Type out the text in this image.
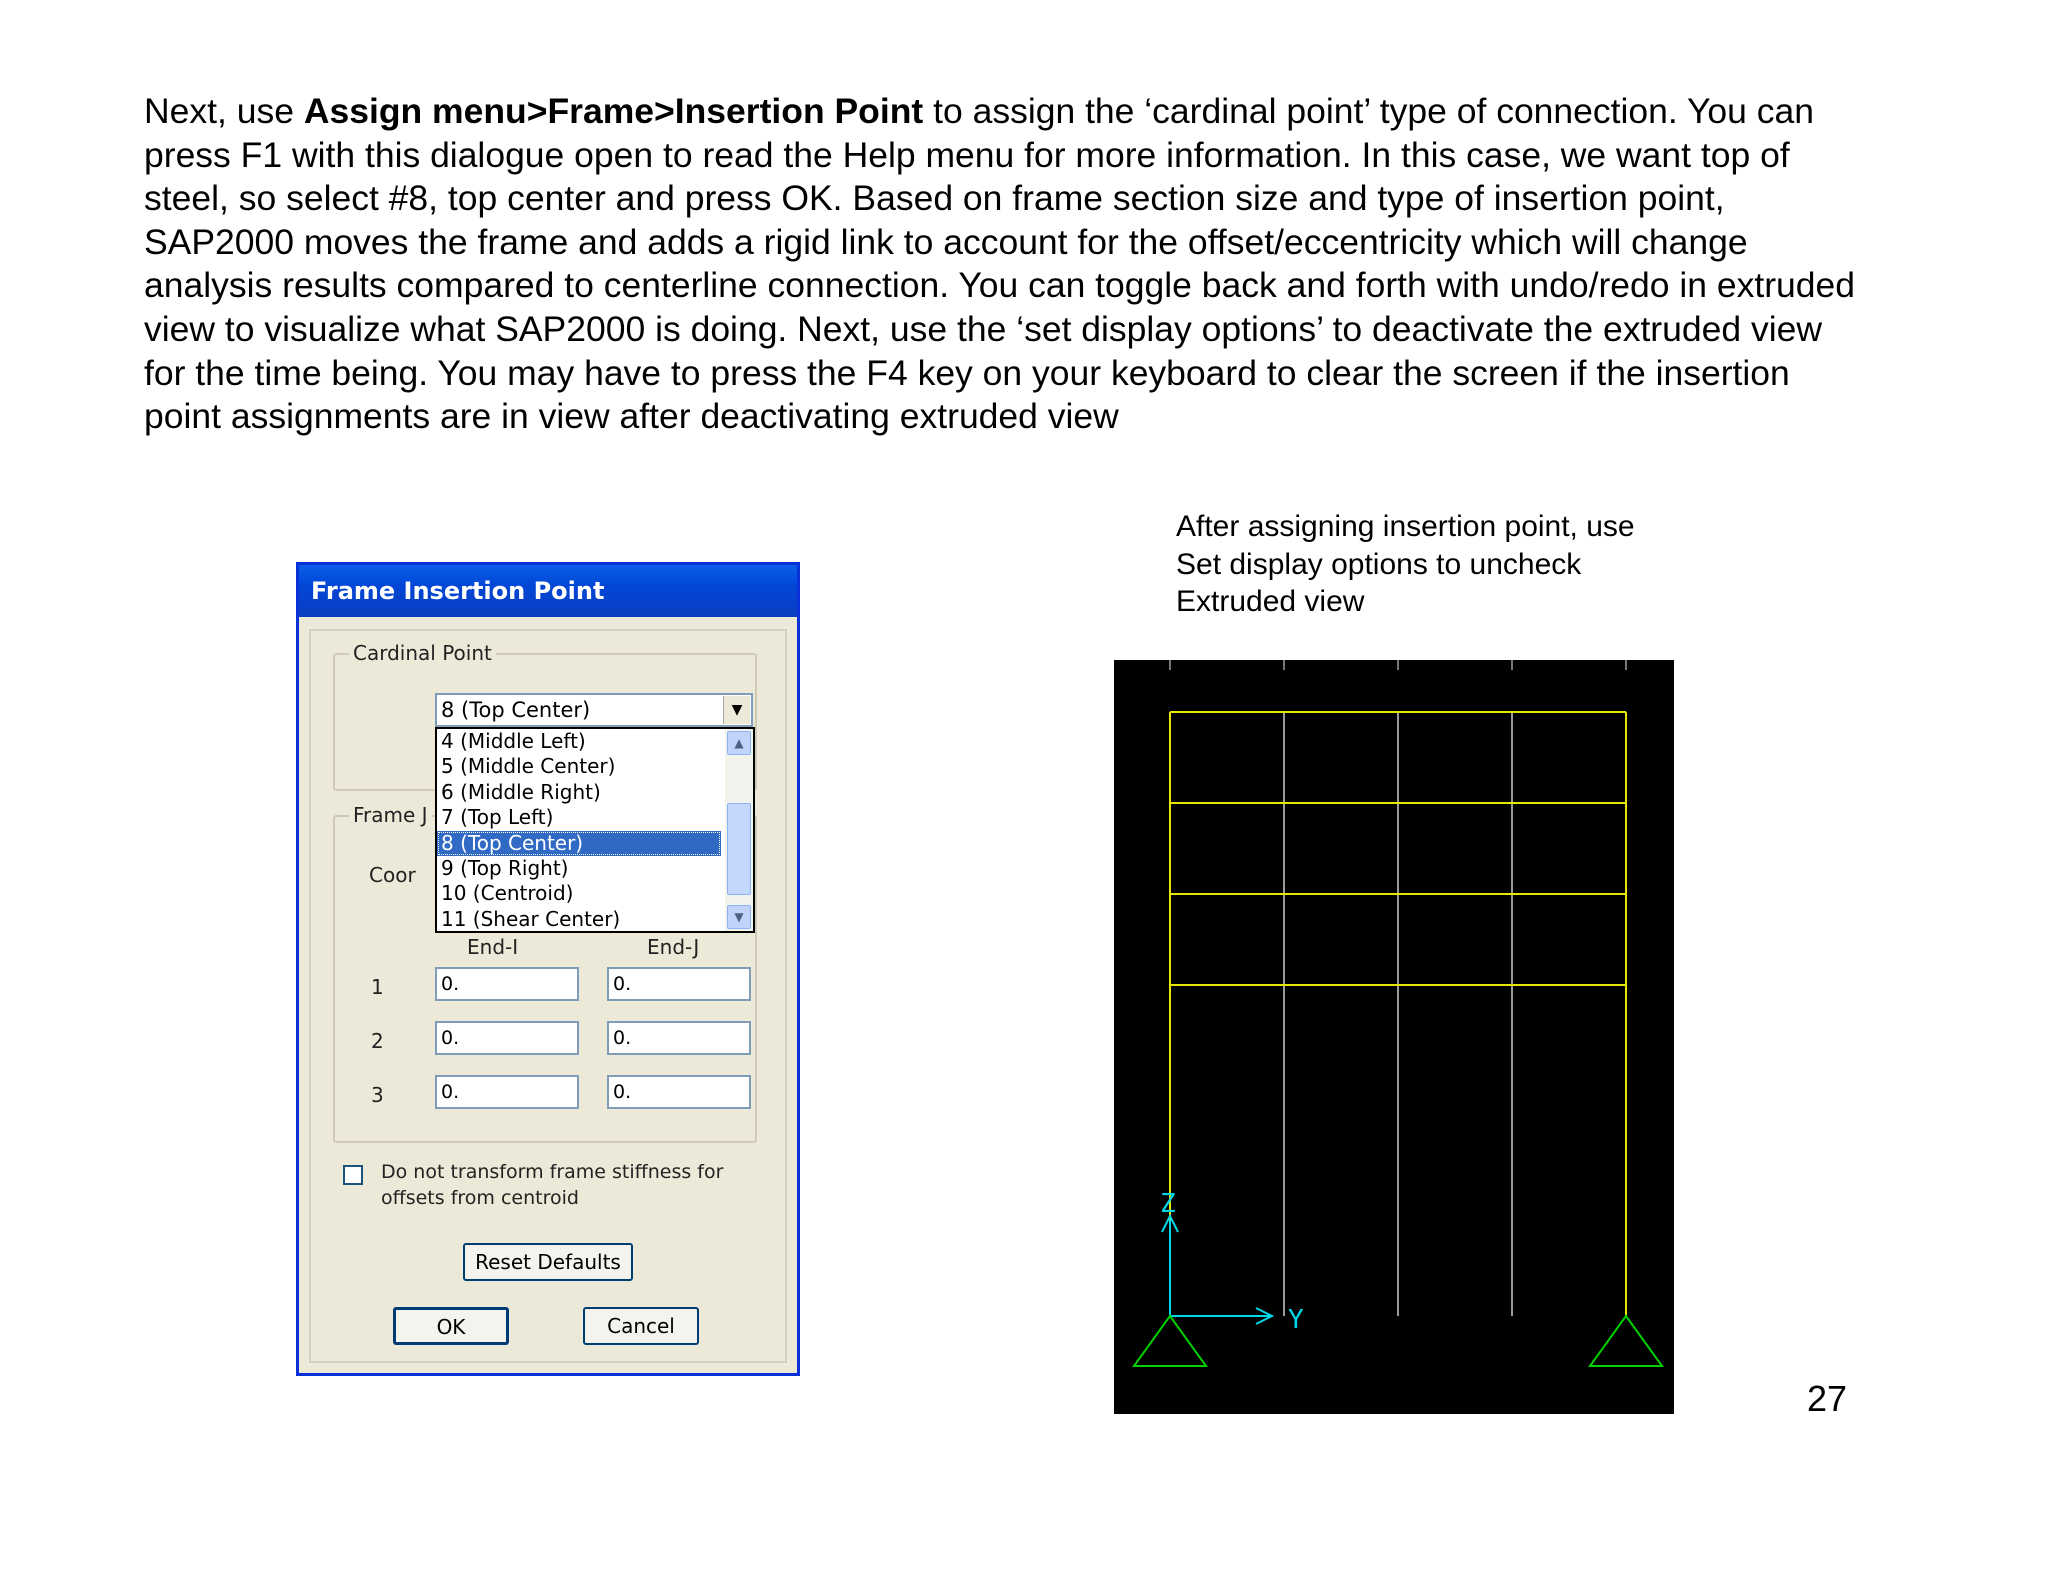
Next, use Assign menu>Frame>Insertion Point to assign the ‘cardinal point’ type of connection. You can press F1 with this dialogue open to read the Help menu for more information. In this case, we want top of steel, so select #8, top center and press OK. Based on frame section size and type of insertion point, SAP2000 moves the frame and adds a rigid link to account for the offset/eccentricity which will change analysis results compared to centerline connection. You can toggle back and forth with undo/redo in extruded view to visualize what SAP2000 is doing. Next, use the ‘set display options’ to deactivate the extruded view for the time being. You may have to press the F4 key on your keyboard to clear the screen if the insertion point assignments are in view after deactivating extruded view

After assigning insertion point, use Set display options to uncheck Extruded view
27
Frame Insertion Point
Cardinal Point
Frame J
Coor
8 (Top Center)	▼
4 (Middle Left)
5 (Middle Center)
6 (Middle Right)
7 (Top Left)
8 (Top Center)
9 (Top Right)
10 (Centroid)
11 (Shear Center)
▲
▼
End-I	End-J
1	0.	0.
2	0.	0.
3	0.	0.
Do not transform frame stiffness for
offsets from centroid
Reset Defaults
OK	Cancel
Z
Y
